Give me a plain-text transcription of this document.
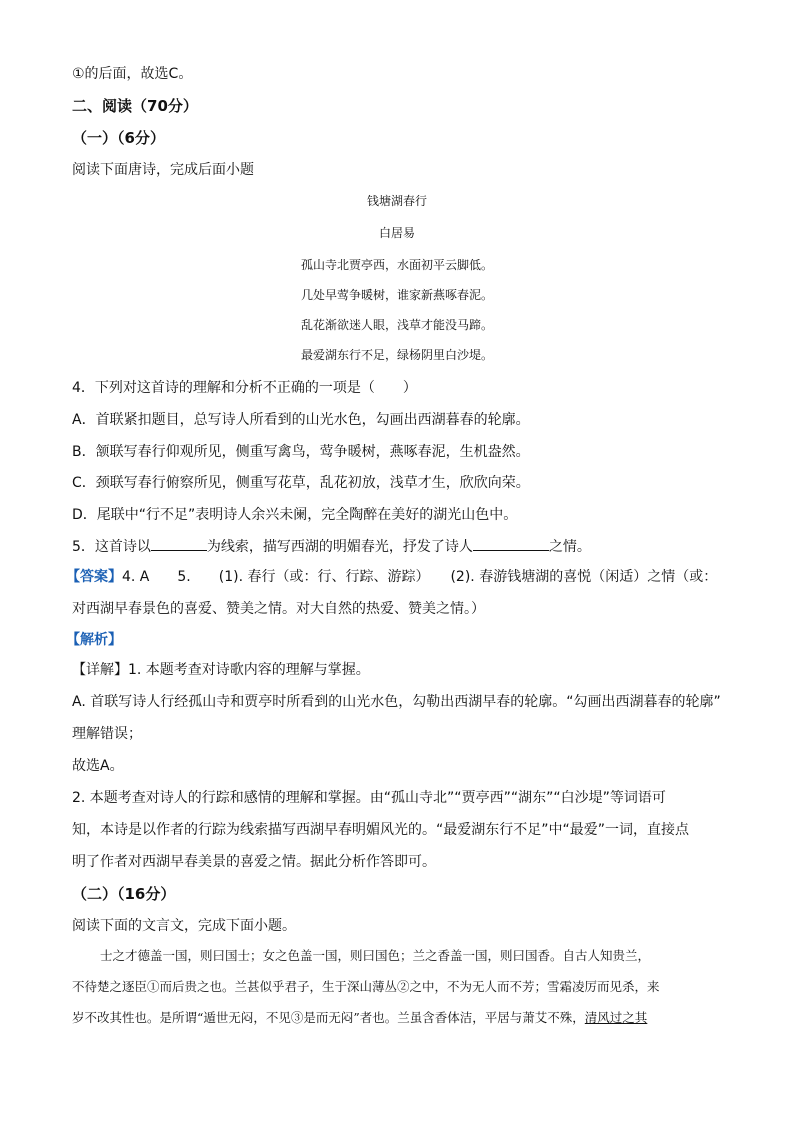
①的后面，故选C。
二、阅读（70分）
（一）（6分）
阅读下面唐诗，完成后面小题
钱塘湖春行
白居易
孤山寺北贾亭西，水面初平云脚低。
几处早莺争暖树，谁家新燕啄春泥。
乱花渐欲迷人眼，浅草才能没马蹄。
最爱湖东行不足，绿杨阴里白沙堤。
4．下列对这首诗的理解和分析不正确的一项是（　　）
A．首联紧扣题目，总写诗人所看到的山光水色，勾画出西湖暮春的轮廓。
B．颔联写春行仰观所见，侧重写禽鸟，莺争暖树，燕啄春泥，生机盎然。
C．颈联写春行俯察所见，侧重写花草，乱花初放，浅草才生，欣欣向荣。
D．尾联中“行不足”表明诗人余兴未阑，完全陶醉在美好的湖光山色中。
5．这首诗以	为线索，描写西湖的明媚春光，抒发了诗人	之情。
【答案】4. A　　5.　　(1). 春行（或：行、行踪、游踪）　　(2). 春游钱塘湖的喜悦（闲适）之情（或：
对西湖早春景色的喜爱、赞美之情。对大自然的热爱、赞美之情。）
【解析】
【详解】1. 本题考查对诗歌内容的理解与掌握。
A. 首联写诗人行经孤山寺和贾亭时所看到的山光水色，勾勒出西湖早春的轮廓。“勾画出西湖暮春的轮廓”
理解错误；
故选A。
2. 本题考查对诗人的行踪和感情的理解和掌握。由“孤山寺北”“贾亭西”“湖东”“白沙堤”等词语可
知，本诗是以作者的行踪为线索描写西湖早春明媚风光的。“最爱湖东行不足”中“最爱”一词，直接点
明了作者对西湖早春美景的喜爱之情。据此分析作答即可。
（二）（16分）
阅读下面的文言文，完成下面小题。
士之才德盖一国，则曰国士；女之色盖一国，则曰国色；兰之香盖一国，则曰国香。自古人知贵兰，
不待楚之逐臣①而后贵之也。兰甚似乎君子，生于深山薄丛②之中，不为无人而不芳；雪霜凌厉而见杀，来
岁不改其性也。是所谓“遁世无闷，不见③是而无闷”者也。兰虽含香体洁，平居与萧艾不殊，清风过之其
